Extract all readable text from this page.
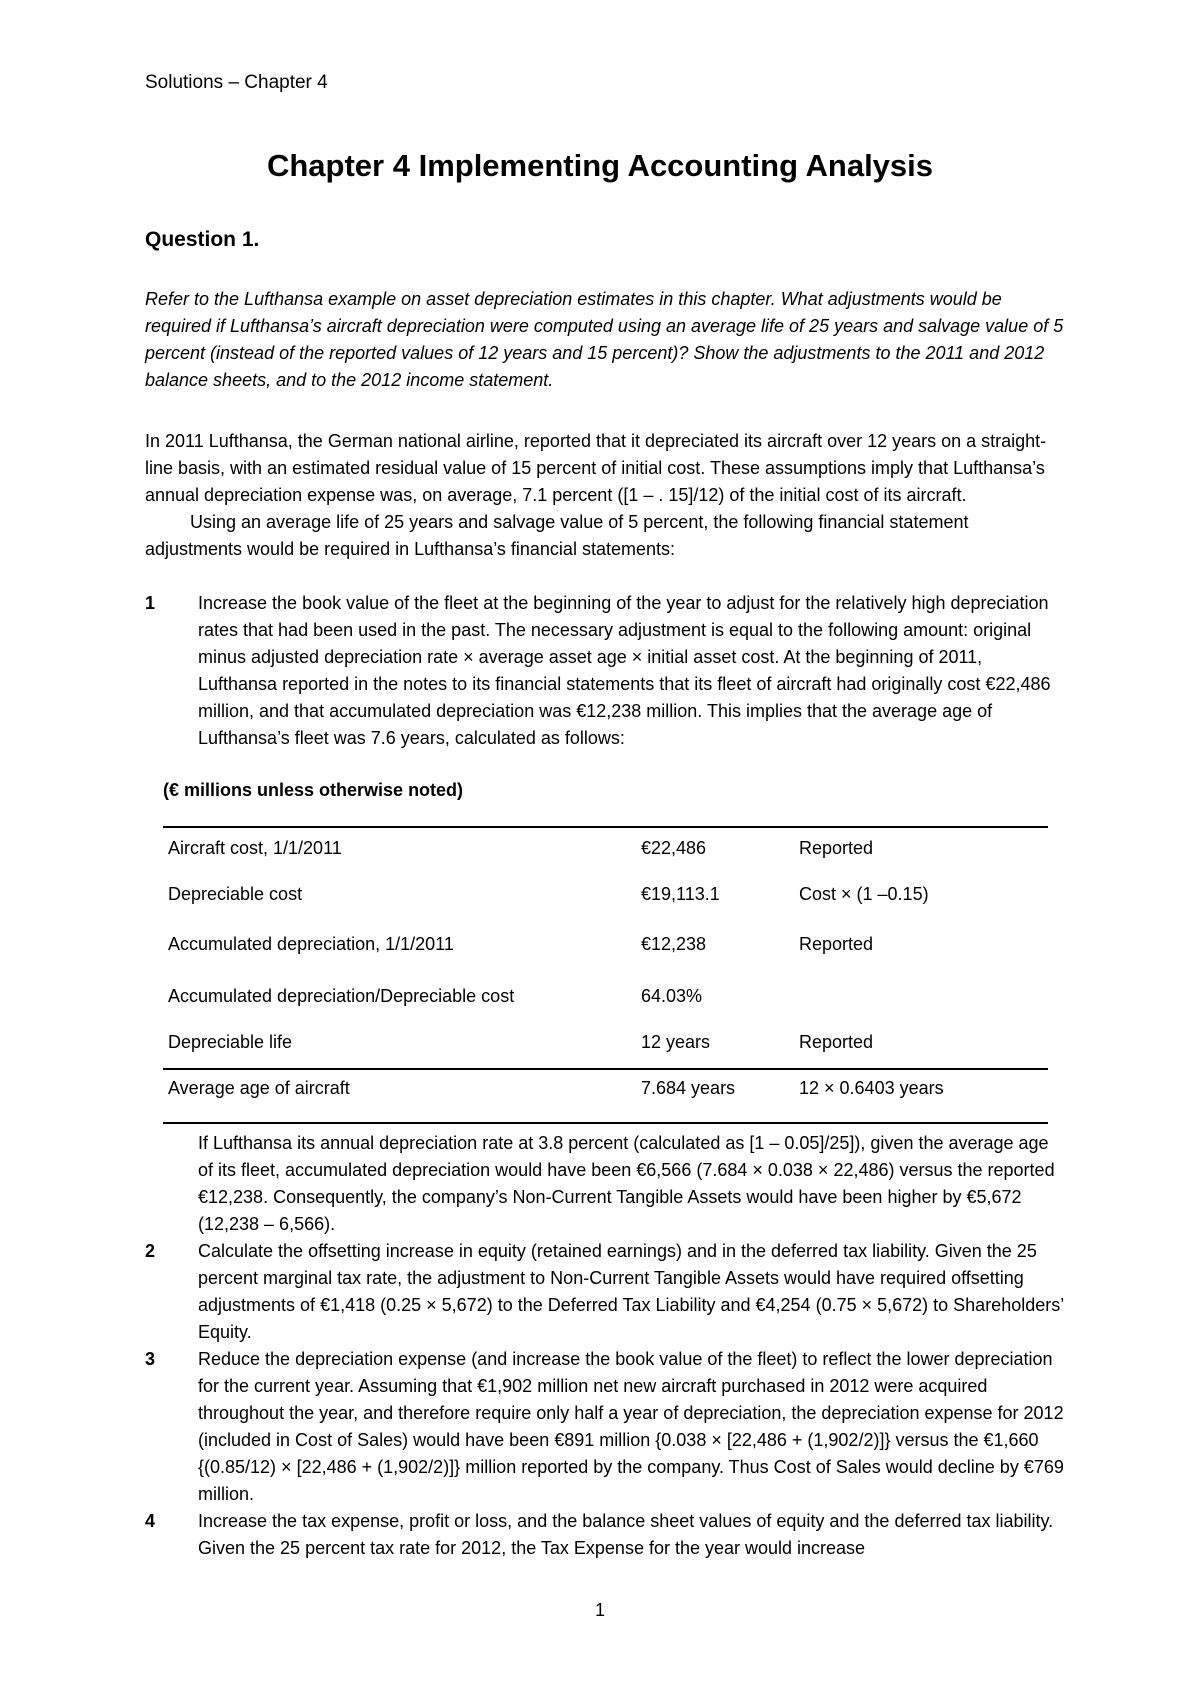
Solutions – Chapter 4
Chapter 4 Implementing Accounting Analysis
Question 1.
Refer to the Lufthansa example on asset depreciation estimates in this chapter. What adjustments would be required if Lufthansa’s aircraft depreciation were computed using an average life of 25 years and salvage value of 5 percent (instead of the reported values of 12 years and 15 percent)? Show the adjustments to the 2011 and 2012 balance sheets, and to the 2012 income statement.
In 2011 Lufthansa, the German national airline, reported that it depreciated its aircraft over 12 years on a straight-line basis, with an estimated residual value of 15 percent of initial cost. These assumptions imply that Lufthansa’s annual depreciation expense was, on average, 7.1 percent ([1 – . 15]/12) of the initial cost of its aircraft.
Using an average life of 25 years and salvage value of 5 percent, the following financial statement adjustments would be required in Lufthansa’s financial statements:
1	Increase the book value of the fleet at the beginning of the year to adjust for the relatively high depreciation rates that had been used in the past. The necessary adjustment is equal to the following amount: original minus adjusted depreciation rate × average asset age × initial asset cost. At the beginning of 2011, Lufthansa reported in the notes to its financial statements that its fleet of aircraft had originally cost €22,486 million, and that accumulated depreciation was €12,238 million. This implies that the average age of Lufthansa’s fleet was 7.6 years, calculated as follows:
(€ millions unless otherwise noted)
Aircraft cost, 1/1/2011	€22,486	Reported
Depreciable cost	€19,113.1	Cost × (1 –0.15)
Accumulated depreciation, 1/1/2011	€12,238	Reported
Accumulated depreciation/Depreciable cost	64.03%
Depreciable life	12 years	Reported
Average age of aircraft	7.684 years	12 × 0.6403 years
If Lufthansa its annual depreciation rate at 3.8 percent (calculated as [1 – 0.05]/25]), given the average age of its fleet, accumulated depreciation would have been €6,566 (7.684 × 0.038 × 22,486) versus the reported €12,238. Consequently, the company’s Non-Current Tangible Assets would have been higher by €5,672 (12,238 – 6,566).
2	Calculate the offsetting increase in equity (retained earnings) and in the deferred tax liability. Given the 25 percent marginal tax rate, the adjustment to Non-Current Tangible Assets would have required offsetting adjustments of €1,418 (0.25 × 5,672) to the Deferred Tax Liability and €4,254 (0.75 × 5,672) to Shareholders’ Equity.
3	Reduce the depreciation expense (and increase the book value of the fleet) to reflect the lower depreciation for the current year. Assuming that €1,902 million net new aircraft purchased in 2012 were acquired throughout the year, and therefore require only half a year of depreciation, the depreciation expense for 2012 (included in Cost of Sales) would have been €891 million {0.038 × [22,486 + (1,902/2)]} versus the €1,660 {(0.85/12) × [22,486 + (1,902/2)]} million reported by the company. Thus Cost of Sales would decline by €769 million.
4	Increase the tax expense, profit or loss, and the balance sheet values of equity and the deferred tax liability. Given the 25 percent tax rate for 2012, the Tax Expense for the year would increase
1
